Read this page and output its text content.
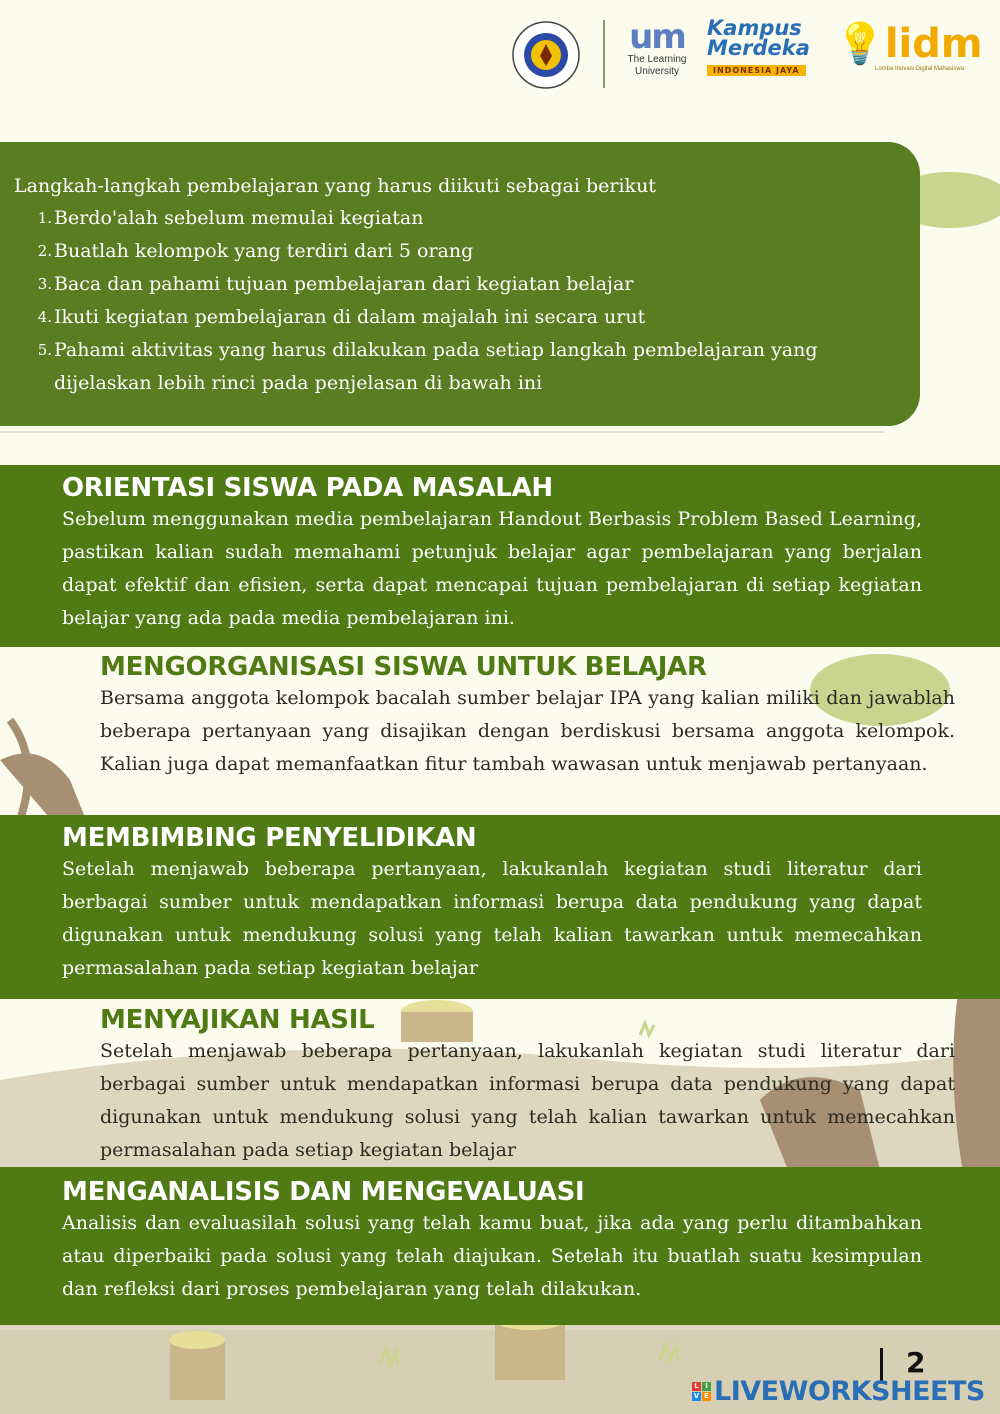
um
The Learning
University
Kampus
Merdeka
INDONESIA JAYA
💡lidm
Lomba Inovasi Digital Mahasiswa
Langkah-langkah pembelajaran yang harus diikuti sebagai berikut
1. Berdo'alah sebelum memulai kegiatan
2. Buatlah kelompok yang terdiri dari 5 orang
3. Baca dan pahami tujuan pembelajaran dari kegiatan belajar
4. Ikuti kegiatan pembelajaran di dalam majalah ini secara urut
5. Pahami aktivitas yang harus dilakukan pada setiap langkah pembelajaran yang dijelaskan lebih rinci pada penjelasan di bawah ini
ORIENTASI SISWA PADA MASALAH
Sebelum menggunakan media pembelajaran Handout Berbasis Problem Based Learning, pastikan kalian sudah memahami petunjuk belajar agar pembelajaran yang berjalan dapat efektif dan efisien, serta dapat mencapai tujuan pembelajaran di setiap kegiatan belajar yang ada pada media pembelajaran ini.
MENGORGANISASI SISWA UNTUK BELAJAR
Bersama anggota kelompok bacalah sumber belajar IPA yang kalian miliki dan jawablah beberapa pertanyaan yang disajikan dengan berdiskusi bersama anggota kelompok. Kalian juga dapat memanfaatkan fitur tambah wawasan untuk menjawab pertanyaan.
MEMBIMBING PENYELIDIKAN
Setelah menjawab beberapa pertanyaan, lakukanlah kegiatan studi literatur dari berbagai sumber untuk mendapatkan informasi berupa data pendukung yang dapat digunakan untuk mendukung solusi yang telah kalian tawarkan untuk memecahkan permasalahan pada setiap kegiatan belajar
MENYAJIKAN HASIL
Setelah menjawab beberapa pertanyaan, lakukanlah kegiatan studi literatur dari berbagai sumber untuk mendapatkan informasi berupa data pendukung yang dapat digunakan untuk mendukung solusi yang telah kalian tawarkan untuk memecahkan permasalahan pada setiap kegiatan belajar
MENGANALISIS DAN MENGEVALUASI
Analisis dan evaluasilah solusi yang telah kamu buat, jika ada yang perlu ditambahkan atau diperbaiki pada solusi yang telah diajukan. Setelah itu buatlah suatu kesimpulan dan refleksi dari proses pembelajaran yang telah dilakukan.
2
L I
V E LIVEWORKSHEETS
